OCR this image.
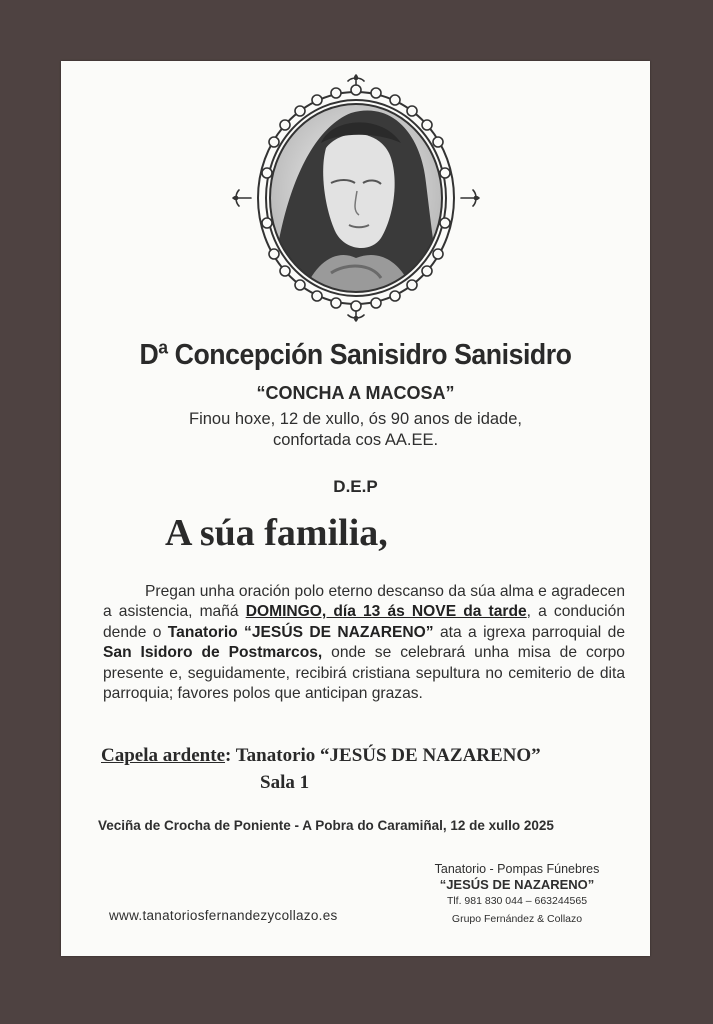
Dª Concepción Sanisidro Sanisidro
“CONCHA A MACOSA”
Finou hoxe, 12 de xullo, ós 90 anos de idade,
confortada cos AA.EE.
D.E.P
A súa familia,
Pregan unha oración polo eterno descanso da súa alma e agradecen a asistencia, mañá DOMINGO, día 13 ás NOVE da tarde, a condución dende o Tanatorio “JESÚS DE NAZARENO” ata a igrexa parroquial de San Isidoro de Postmarcos, onde se celebrará unha misa de corpo presente e, seguidamente, recibirá cristiana sepultura no cemiterio de dita parroquia; favores polos que anticipan grazas.
Capela ardente: Tanatorio “JESÚS DE NAZARENO”
Sala 1
Veciña de Crocha de Poniente - A Pobra do Caramiñal, 12 de xullo 2025
Tanatorio - Pompas Fúnebres
“JESÚS DE NAZARENO”
Tlf. 981 830 044 – 663244565
Grupo Fernández & Collazo
www.tanatoriosfernandezycollazo.es
